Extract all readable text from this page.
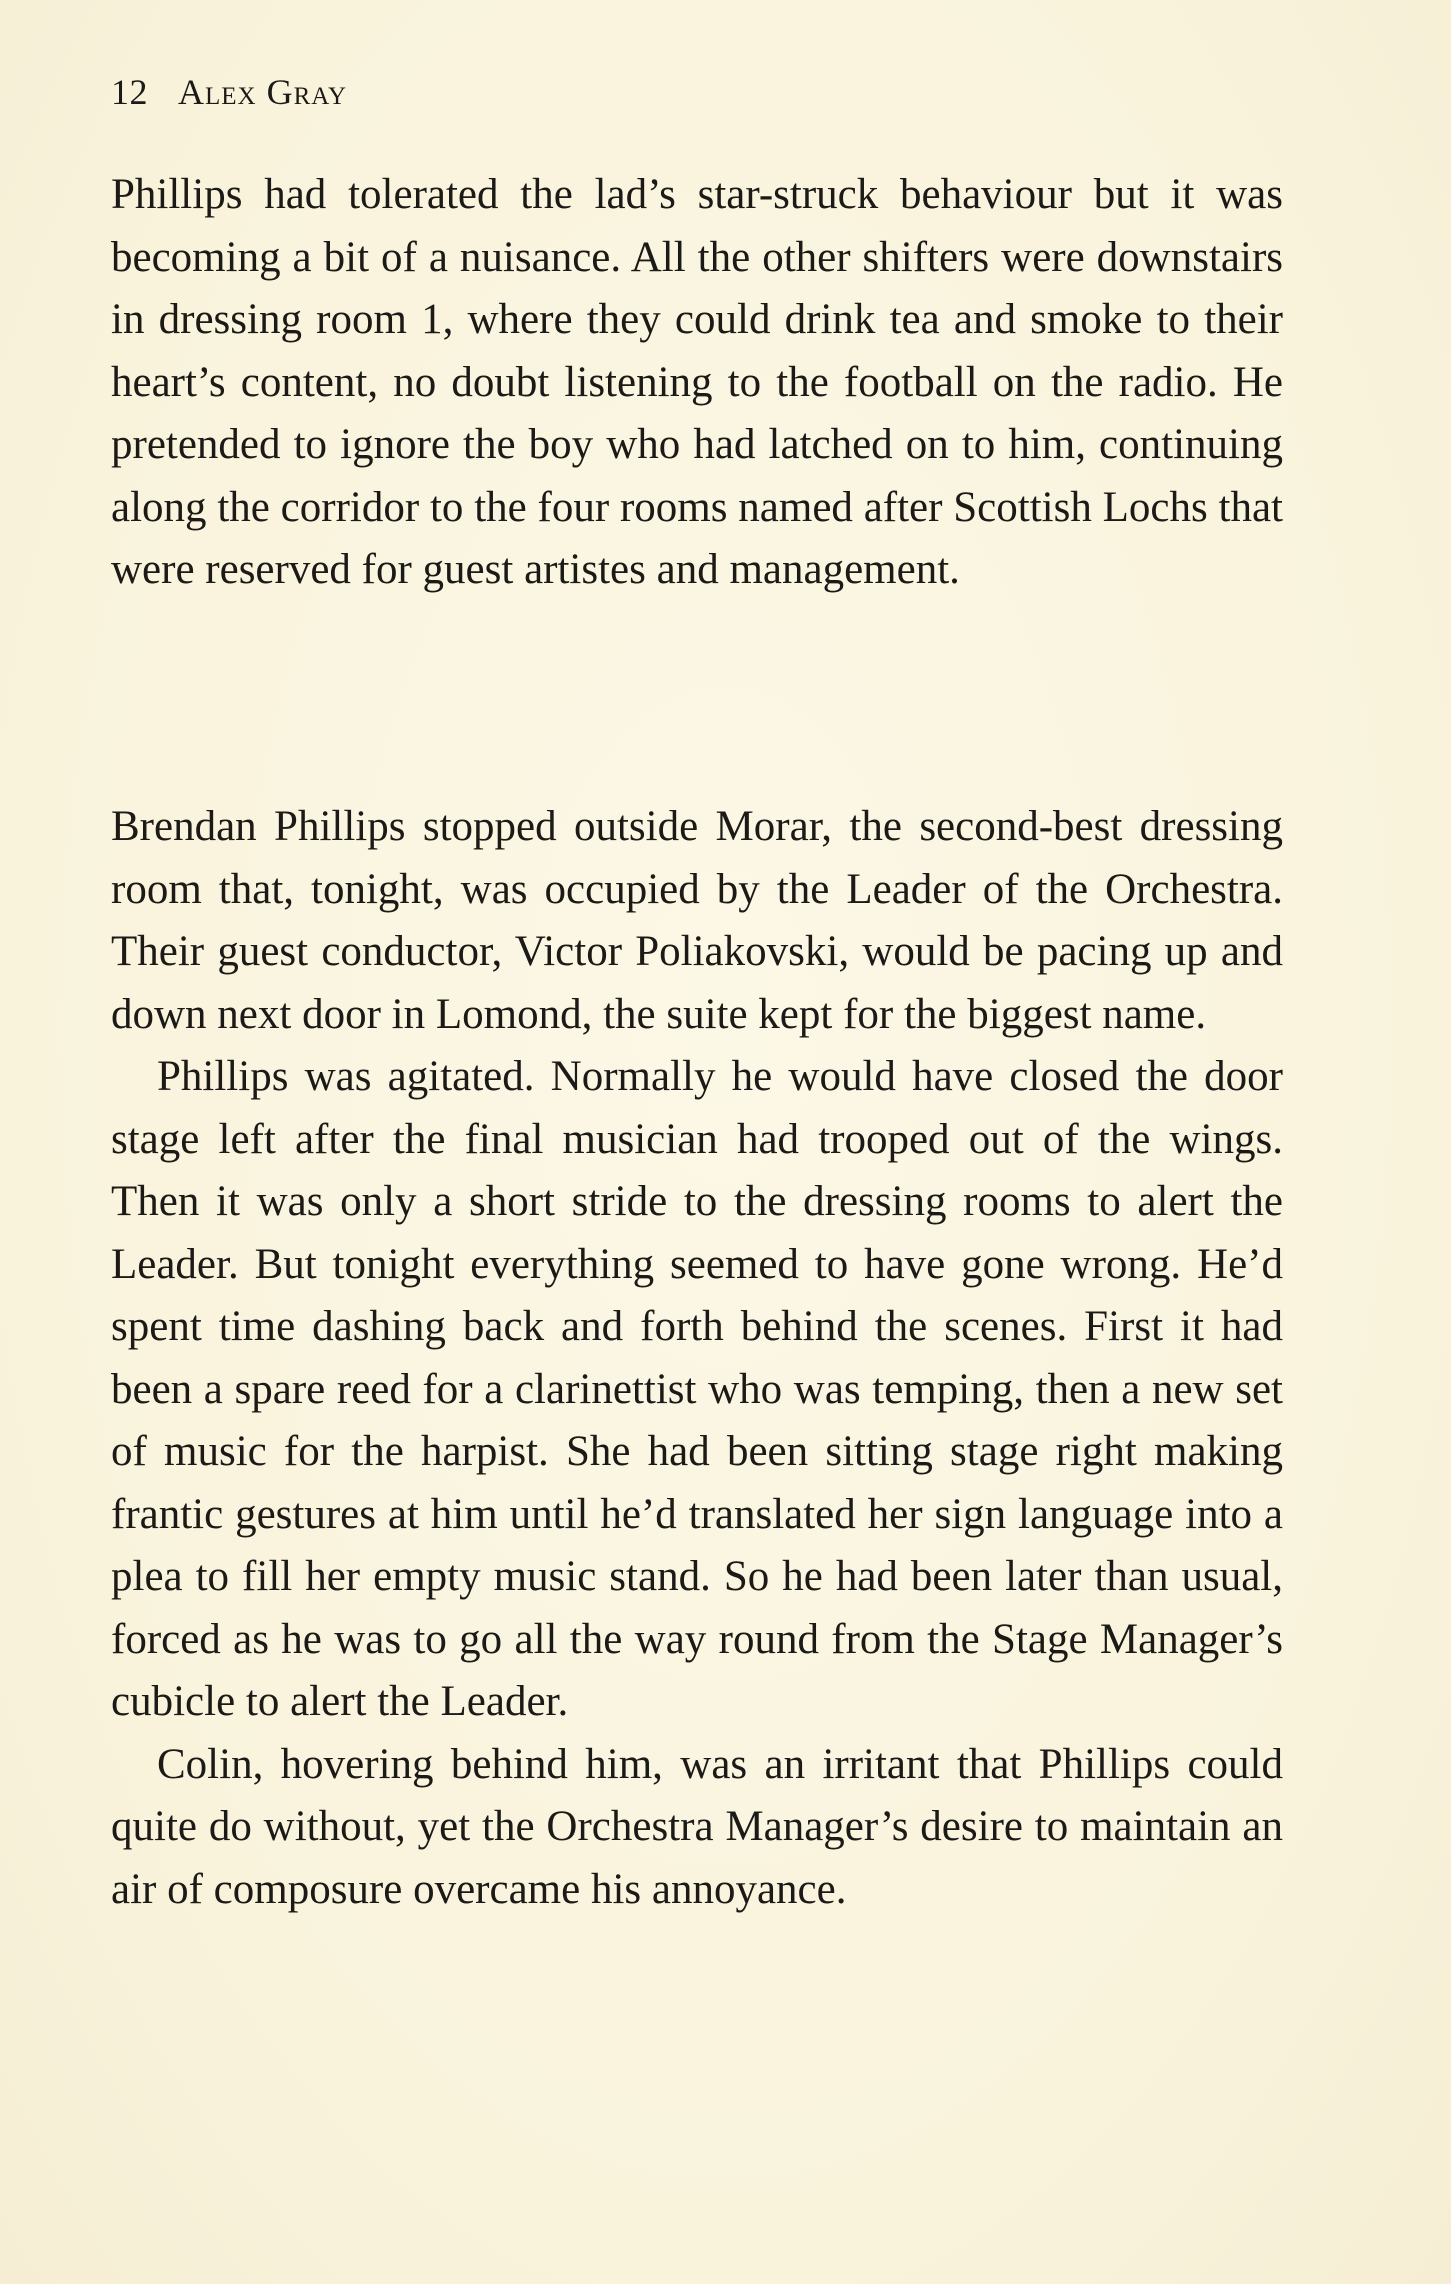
12 Alex Gray

Phillips had tolerated the lad’s star-struck behaviour but it was becoming a bit of a nuisance. All the other shifters were downstairs in dressing room 1, where they could drink tea and smoke to their heart’s content, no doubt listening to the football on the radio. He pretended to ignore the boy who had latched on to him, continuing along the corridor to the four rooms named after Scottish Lochs that were reserved for guest artistes and management.

Brendan Phillips stopped outside Morar, the second-best dressing room that, tonight, was occupied by the Leader of the Orchestra. Their guest conductor, Victor Poliakovski, would be pacing up and down next door in Lomond, the suite kept for the biggest name.

Phillips was agitated. Normally he would have closed the door stage left after the final musician had trooped out of the wings. Then it was only a short stride to the dressing rooms to alert the Leader. But tonight everything seemed to have gone wrong. He’d spent time dashing back and forth behind the scenes. First it had been a spare reed for a clarinettist who was temping, then a new set of music for the harpist. She had been sitting stage right making frantic gestures at him until he’d translated her sign language into a plea to fill her empty music stand. So he had been later than usual, forced as he was to go all the way round from the Stage Manager’s cubicle to alert the Leader.

Colin, hovering behind him, was an irritant that Phillips could quite do without, yet the Orchestra Manager’s desire to maintain an air of composure overcame his annoyance.
